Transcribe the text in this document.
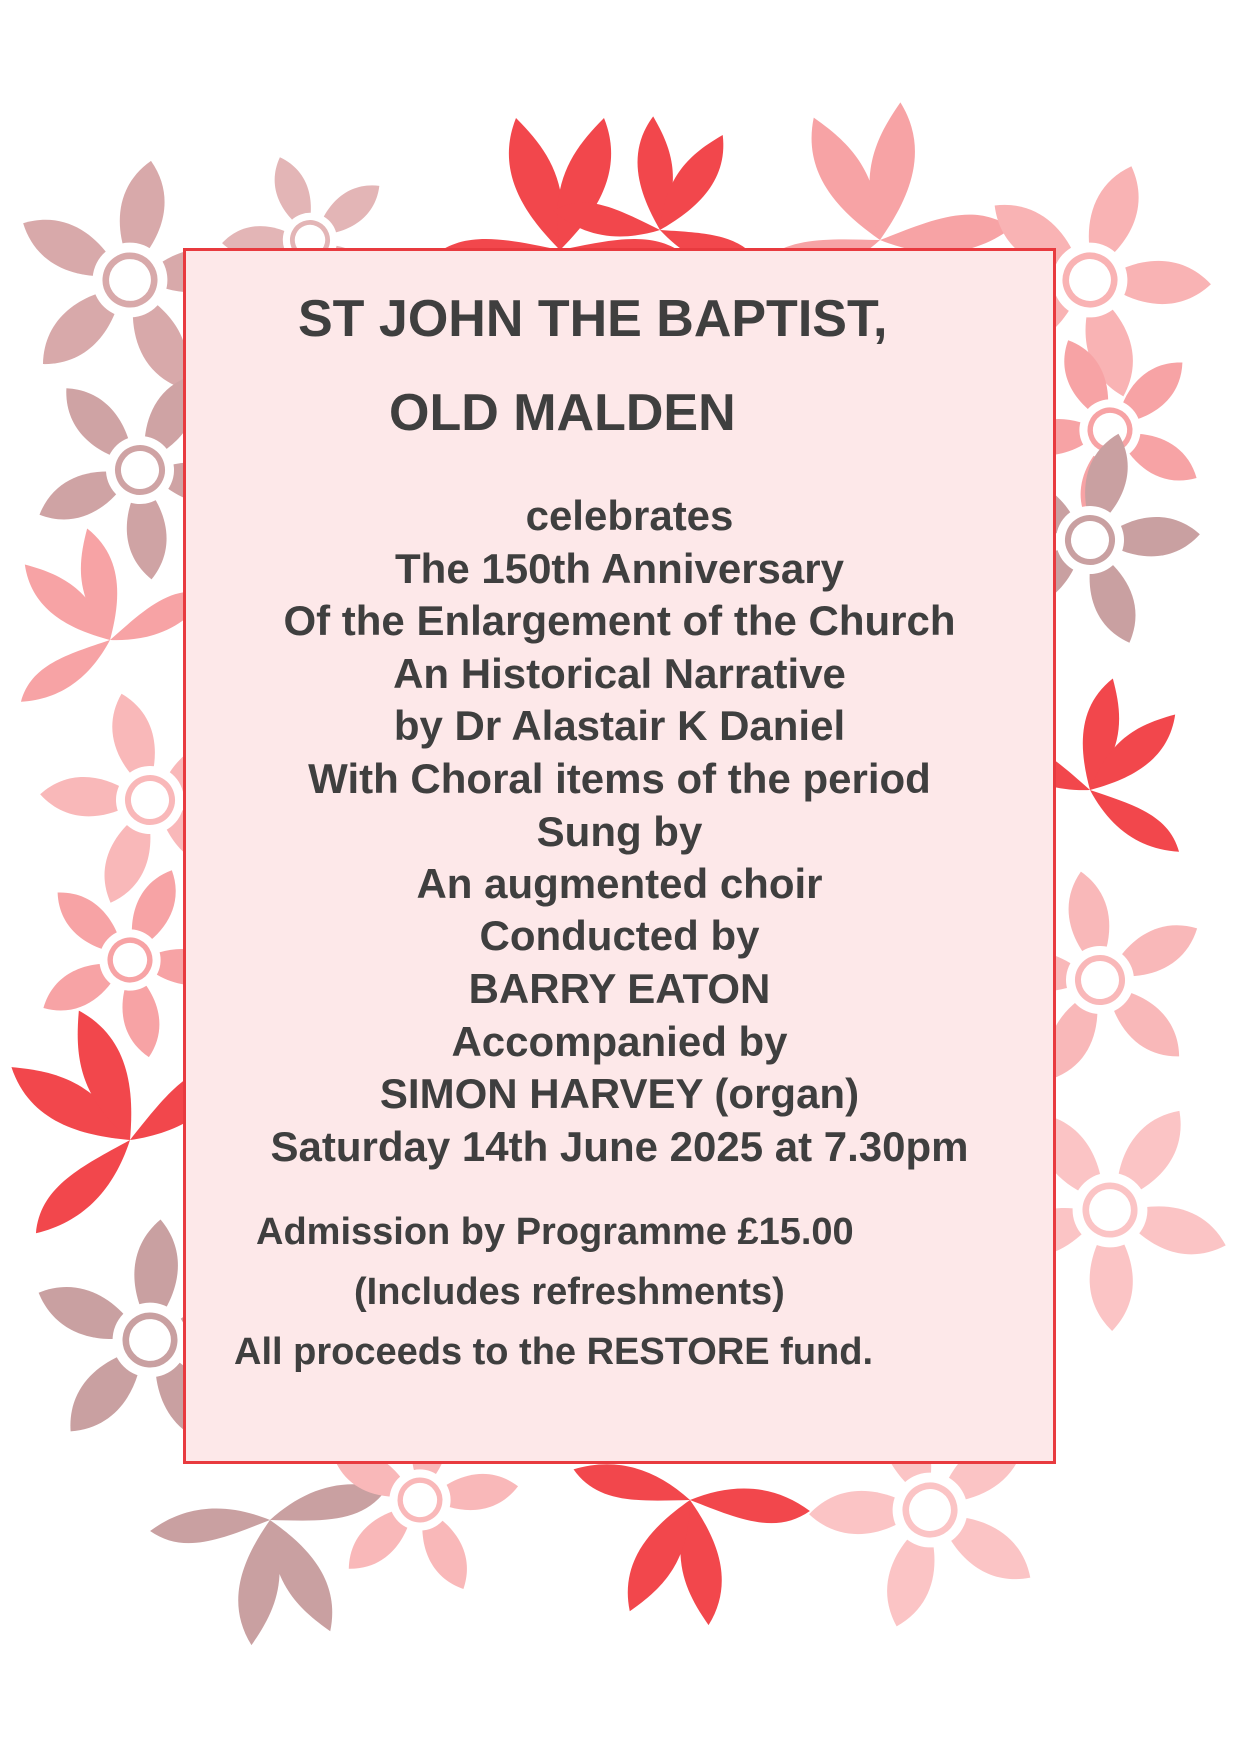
ST JOHN THE BAPTIST,

OLD MALDEN

celebrates

The 150th Anniversary

Of the Enlargement of the Church

An Historical Narrative

by Dr Alastair K Daniel

With Choral items of the period

Sung by

An augmented choir

Conducted by

BARRY EATON

Accompanied by

SIMON HARVEY (organ)

Saturday 14th June 2025 at 7.30pm

Admission by Programme £15.00

(Includes refreshments)

All proceeds to the RESTORE fund.
